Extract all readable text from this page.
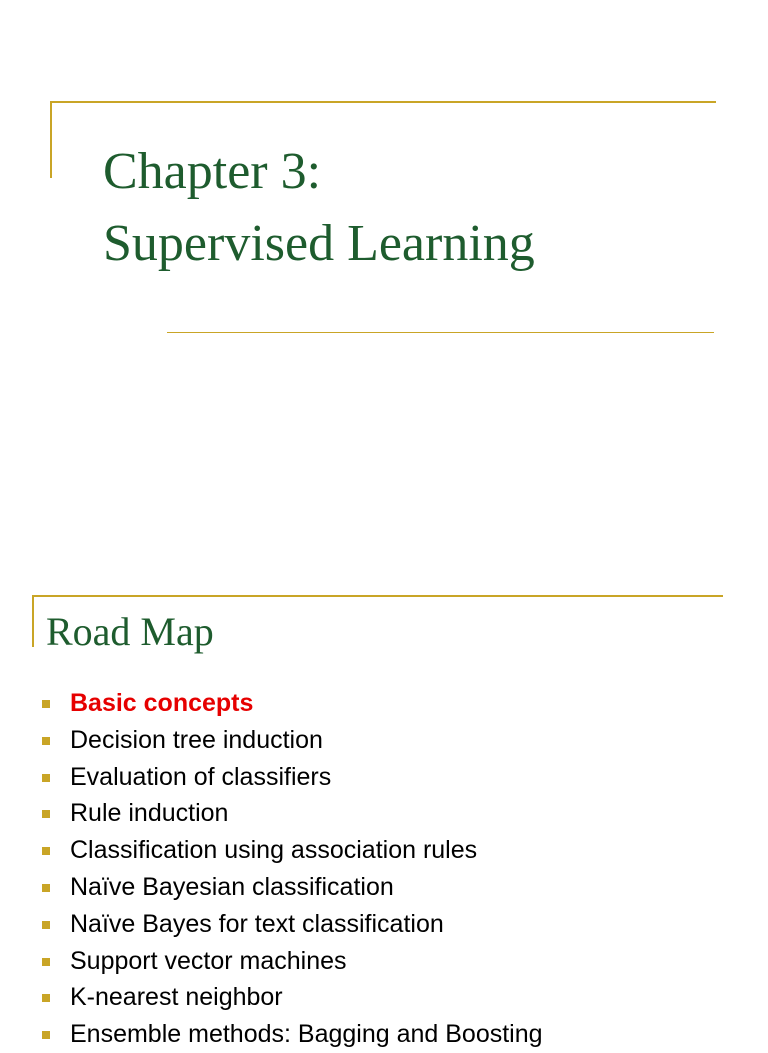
Chapter 3:
Supervised Learning
Road Map
Basic concepts
Decision tree induction
Evaluation of classifiers
Rule induction
Classification using association rules
Naïve Bayesian classification
Naïve Bayes for text classification
Support vector machines
K-nearest neighbor
Ensemble methods: Bagging and Boosting
